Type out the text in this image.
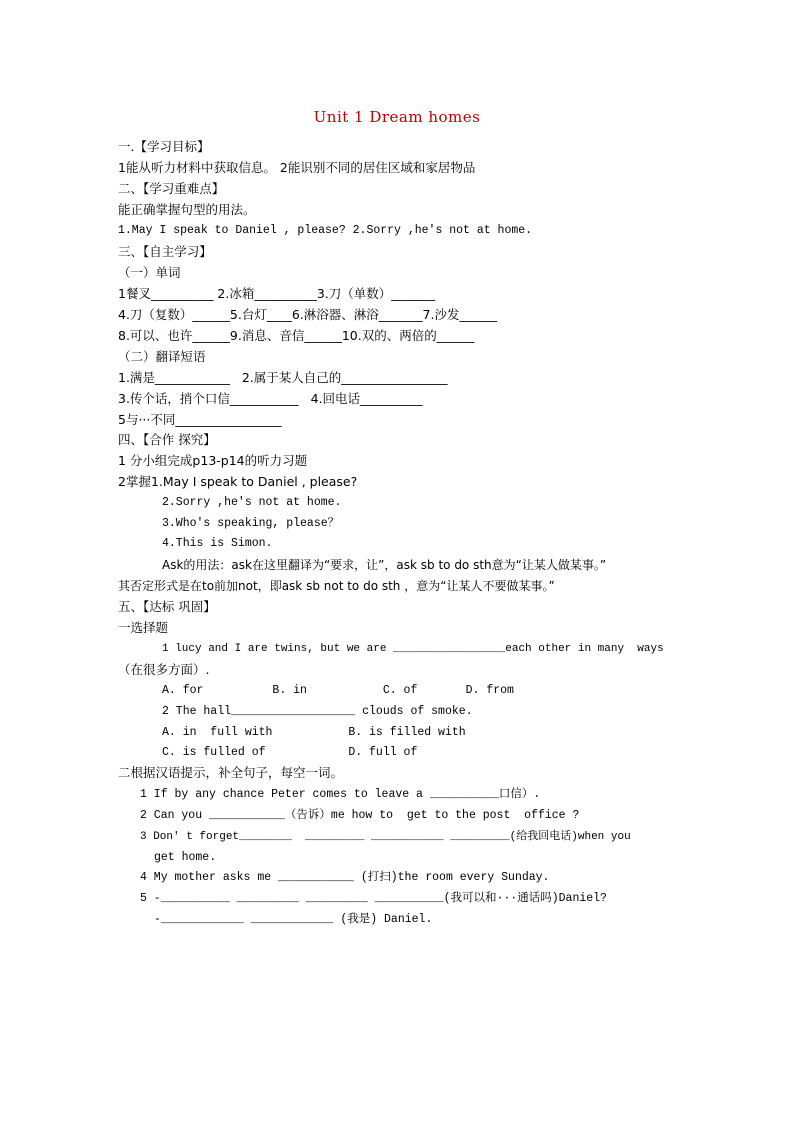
Unit 1 Dream homes
一.【学习目标】
1能从听力材料中获取信息。 2能识别不同的居住区域和家居物品
二、【学习重难点】
能正确掌握句型的用法。
1.May I speak to Daniel , please? 2.Sorry ,he's not at home.
三、【自主学习】
（一）单词
1餐叉__________ 2.冰箱__________3.刀（单数）_______
4.刀（复数）______5.台灯____6.淋浴器、淋浴_______7.沙发______
8.可以、也许______9.消息、音信______10.双的、两倍的______
（二）翻译短语
1.满是____________   2.属于某人自己的_________________
3.传个话，捎个口信___________   4.回电话__________
5与···不同_________________
四、【合作 探究】
1 分小组完成p13-p14的听力习题
2掌握1.May I speak to Daniel , please?
2.Sorry ,he's not at home.
3.Who's speaking, please？
4.This is Simon.
Ask的用法：ask在这里翻译为“要求，让”，ask sb to do sth意为“让某人做某事。”
其否定形式是在to前加not，即ask sb not to do sth ，意为“让某人不要做某事。”
五、【达标 巩固】
一选择题
1 lucy and I are twins, but we are _________________each other in many  ways
（在很多方面）.
A. for          B. in           C. of       D. from
2 The hall__________________ clouds of smoke.
A. in  full with           B. is filled with
C. is fulled of            D. full of
二根据汉语提示，补全句子，每空一词。
1 If by any chance Peter comes to leave a __________口信）.
2 Can you ___________（告诉）me how to  get to the post  office ?
3 Don' t forget________  _________ ___________ _________(给我回电话)when you
get home.
4 My mother asks me ___________ (打扫)the room every Sunday.
5 -__________ _________ _________ __________(我可以和···通话吗)Daniel?
-____________ ____________ (我是) Daniel.
